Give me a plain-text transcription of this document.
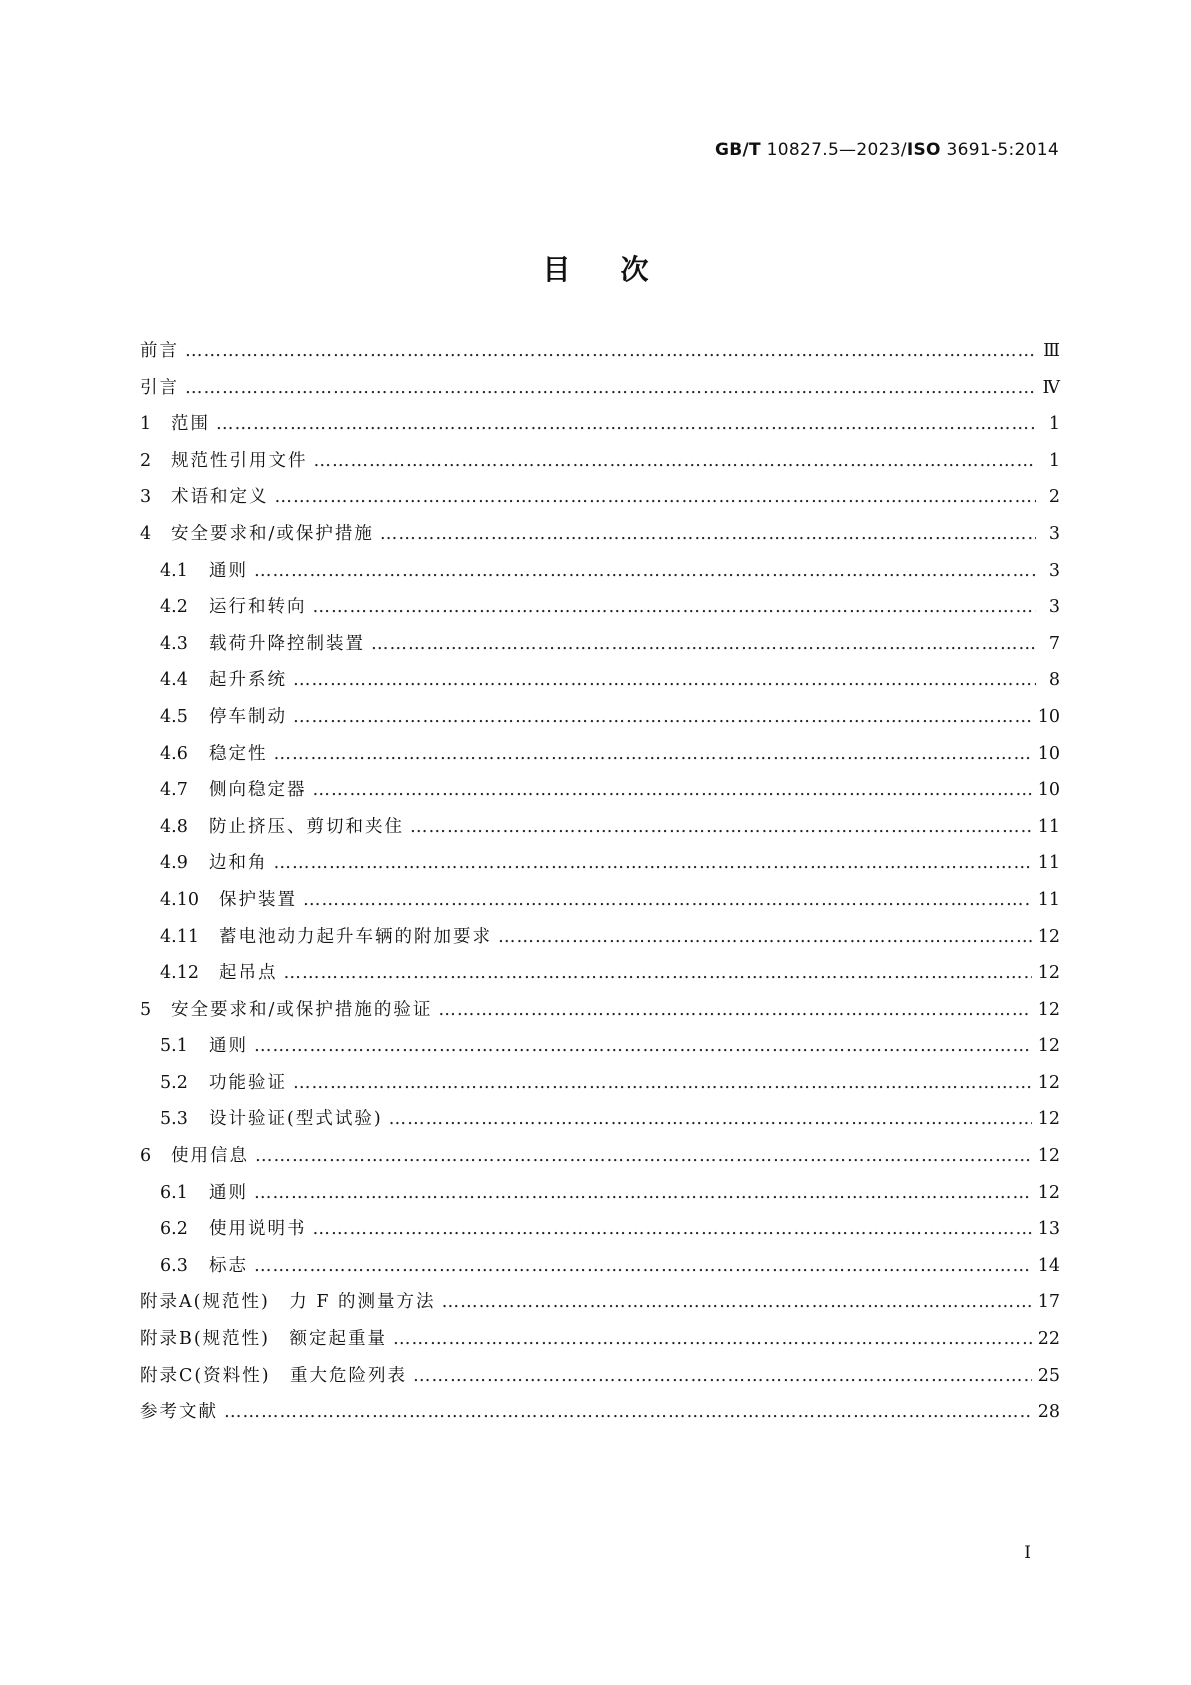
GB/T 10827.5—2023/ISO 3691-5:2014
目次
前言 …………………………………………………………………………………………………………………………………………………………………………………………………………………………………………………	Ⅲ
引言 …………………………………………………………………………………………………………………………………………………………………………………………………………………………………………………	Ⅳ
1	范围 …………………………………………………………………………………………………………………………………………………………………………………………………………………………………………………	1
2	规范性引用文件 …………………………………………………………………………………………………………………………………………………………………………………………………………………………………………………	1
3	术语和定义 …………………………………………………………………………………………………………………………………………………………………………………………………………………………………………………	2
4	安全要求和/或保护措施 …………………………………………………………………………………………………………………………………………………………………………………………………………………………………………………	3
4.1	通则 …………………………………………………………………………………………………………………………………………………………………………………………………………………………………………………	3
4.2	运行和转向 …………………………………………………………………………………………………………………………………………………………………………………………………………………………………………………	3
4.3	载荷升降控制装置 …………………………………………………………………………………………………………………………………………………………………………………………………………………………………………………	7
4.4	起升系统 …………………………………………………………………………………………………………………………………………………………………………………………………………………………………………………	8
4.5	停车制动 …………………………………………………………………………………………………………………………………………………………………………………………………………………………………………………	10
4.6	稳定性 …………………………………………………………………………………………………………………………………………………………………………………………………………………………………………………	10
4.7	侧向稳定器 …………………………………………………………………………………………………………………………………………………………………………………………………………………………………………………	10
4.8	防止挤压、剪切和夹住 …………………………………………………………………………………………………………………………………………………………………………………………………………………………………………………	11
4.9	边和角 …………………………………………………………………………………………………………………………………………………………………………………………………………………………………………………	11
4.10	保护装置 …………………………………………………………………………………………………………………………………………………………………………………………………………………………………………………	11
4.11	蓄电池动力起升车辆的附加要求 …………………………………………………………………………………………………………………………………………………………………………………………………………………………………………………	12
4.12	起吊点 …………………………………………………………………………………………………………………………………………………………………………………………………………………………………………………	12
5	安全要求和/或保护措施的验证 …………………………………………………………………………………………………………………………………………………………………………………………………………………………………………………	12
5.1	通则 …………………………………………………………………………………………………………………………………………………………………………………………………………………………………………………	12
5.2	功能验证 …………………………………………………………………………………………………………………………………………………………………………………………………………………………………………………	12
5.3	设计验证(型式试验) …………………………………………………………………………………………………………………………………………………………………………………………………………………………………………………	12
6	使用信息 …………………………………………………………………………………………………………………………………………………………………………………………………………………………………………………	12
6.1	通则 …………………………………………………………………………………………………………………………………………………………………………………………………………………………………………………	12
6.2	使用说明书 …………………………………………………………………………………………………………………………………………………………………………………………………………………………………………………	13
6.3	标志 …………………………………………………………………………………………………………………………………………………………………………………………………………………………………………………	14
附录A(规范性)　力 F 的测量方法 …………………………………………………………………………………………………………………………………………………………………………………………………………………………………………………	17
附录B(规范性)　额定起重量 …………………………………………………………………………………………………………………………………………………………………………………………………………………………………………………	22
附录C(资料性)　重大危险列表 …………………………………………………………………………………………………………………………………………………………………………………………………………………………………………………	25
参考文献 …………………………………………………………………………………………………………………………………………………………………………………………………………………………………………………	28
Ⅰ
